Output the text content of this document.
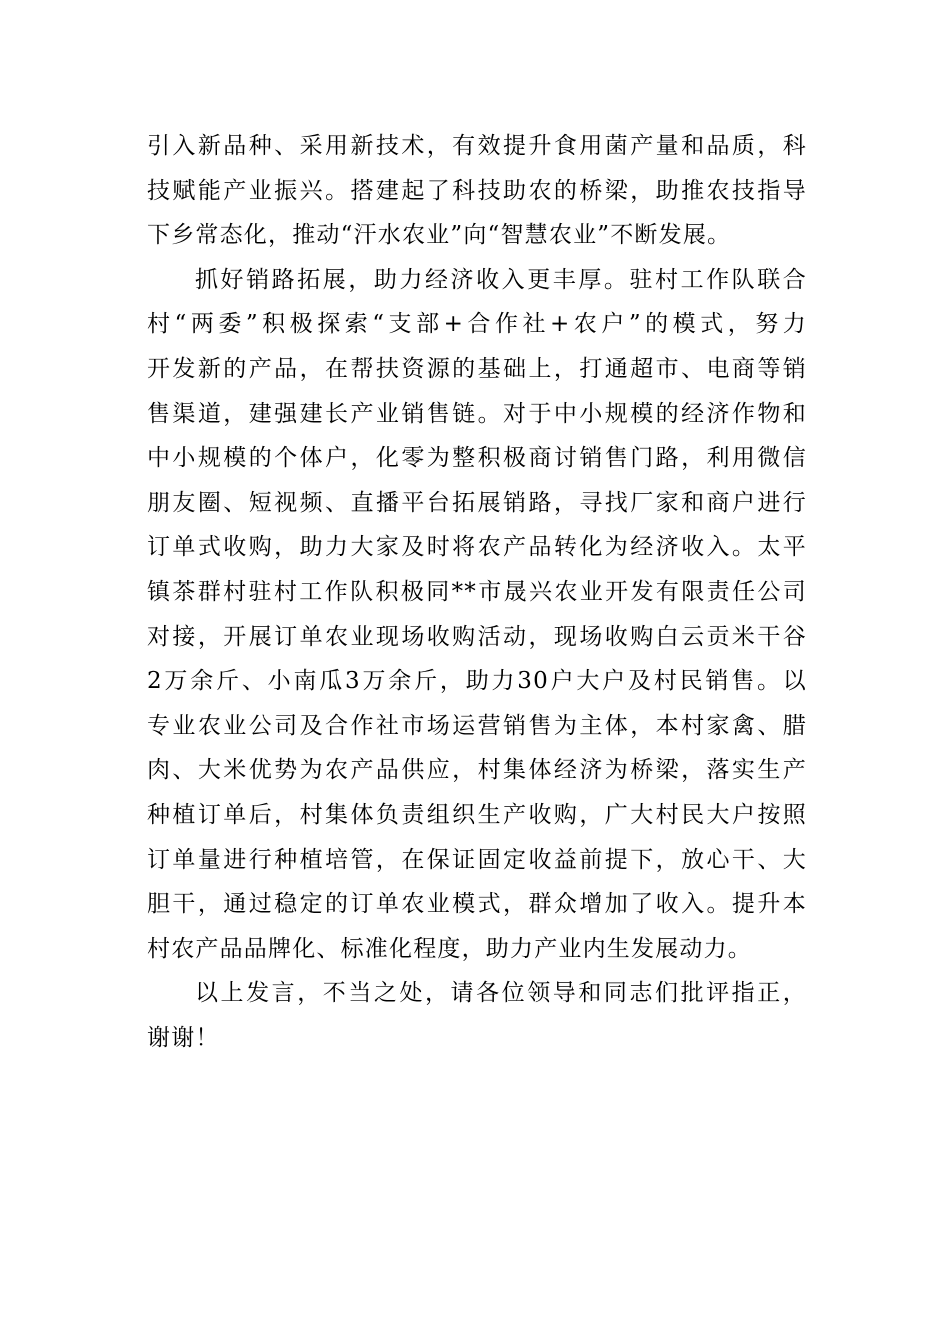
引入新品种、采用新技术，有效提升食用菌产量和品质，科
技赋能产业振兴。搭建起了科技助农的桥梁，助推农技指导
下乡常态化，推动“汗水农业”向“智慧农业”不断发展。
抓好销路拓展，助力经济收入更丰厚。驻村工作队联合
村“两委”积极探索“支部+合作社+农户”的模式，努力
开发新的产品，在帮扶资源的基础上，打通超市、电商等销
售渠道，建强建长产业销售链。对于中小规模的经济作物和
中小规模的个体户，化零为整积极商讨销售门路，利用微信
朋友圈、短视频、直播平台拓展销路，寻找厂家和商户进行
订单式收购，助力大家及时将农产品转化为经济收入。太平
镇茶群村驻村工作队积极同**市晟兴农业开发有限责任公司
对接，开展订单农业现场收购活动，现场收购白云贡米干谷
2万余斤、小南瓜3万余斤，助力30户大户及村民销售。以
专业农业公司及合作社市场运营销售为主体，本村家禽、腊
肉、大米优势为农产品供应，村集体经济为桥梁，落实生产
种植订单后，村集体负责组织生产收购，广大村民大户按照
订单量进行种植培管，在保证固定收益前提下，放心干、大
胆干，通过稳定的订单农业模式，群众增加了收入。提升本
村农产品品牌化、标准化程度，助力产业内生发展动力。
以上发言，不当之处，请各位领导和同志们批评指正，
谢谢！
